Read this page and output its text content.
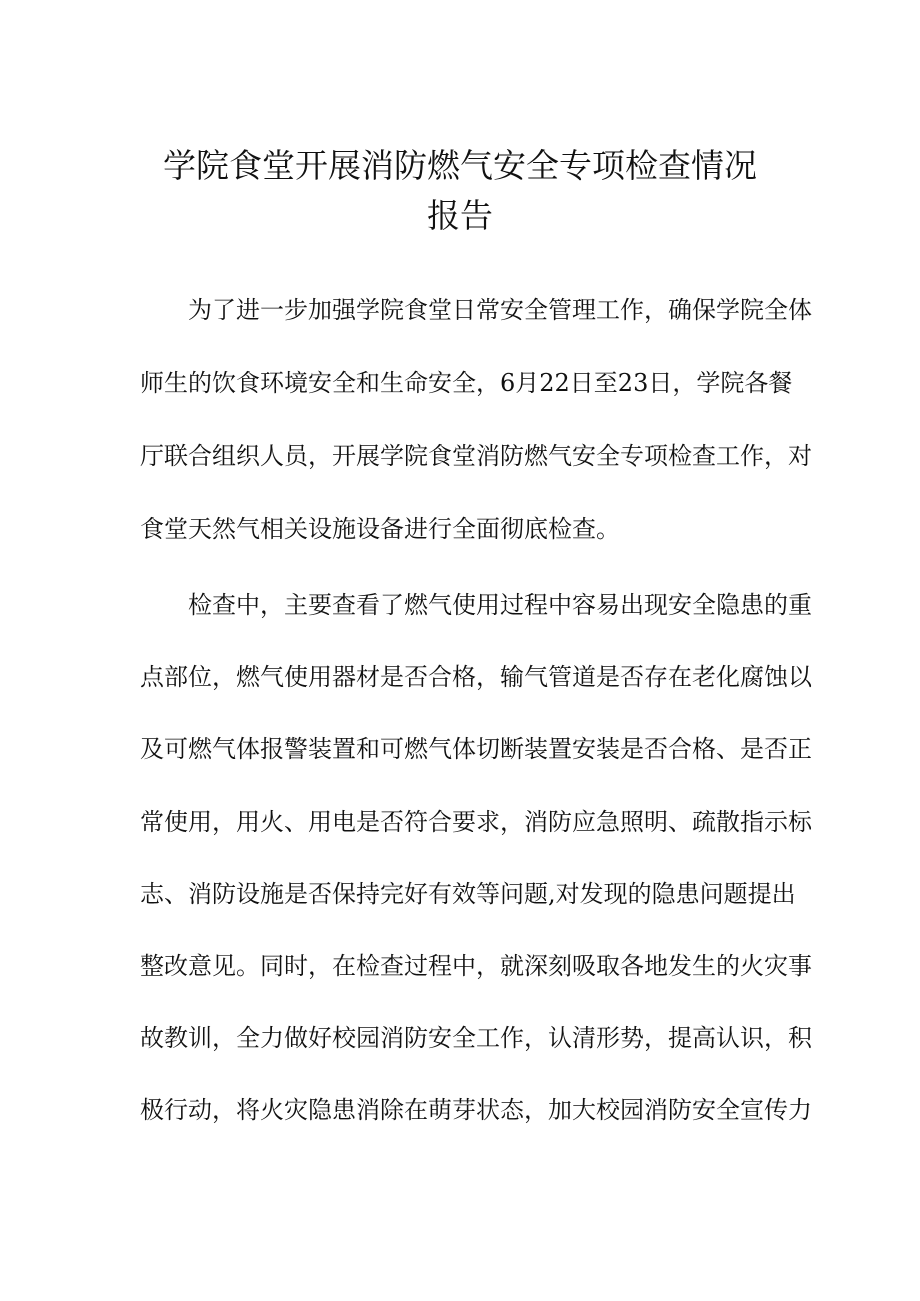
学院食堂开展消防燃气安全专项检查情况
报告
为了进一步加强学院食堂日常安全管理工作，确保学院全体
师生的饮食环境安全和生命安全，6月22日至23日，学院各餐
厅联合组织人员，开展学院食堂消防燃气安全专项检查工作，对
食堂天然气相关设施设备进行全面彻底检查。
检查中，主要查看了燃气使用过程中容易出现安全隐患的重
点部位，燃气使用器材是否合格，输气管道是否存在老化腐蚀以
及可燃气体报警装置和可燃气体切断装置安装是否合格、是否正
常使用，用火、用电是否符合要求，消防应急照明、疏散指示标
志、消防设施是否保持完好有效等问题,对发现的隐患问题提出
整改意见。同时，在检查过程中，就深刻吸取各地发生的火灾事
故教训，全力做好校园消防安全工作，认清形势，提高认识，积
极行动，将火灾隐患消除在萌芽状态，加大校园消防安全宣传力
